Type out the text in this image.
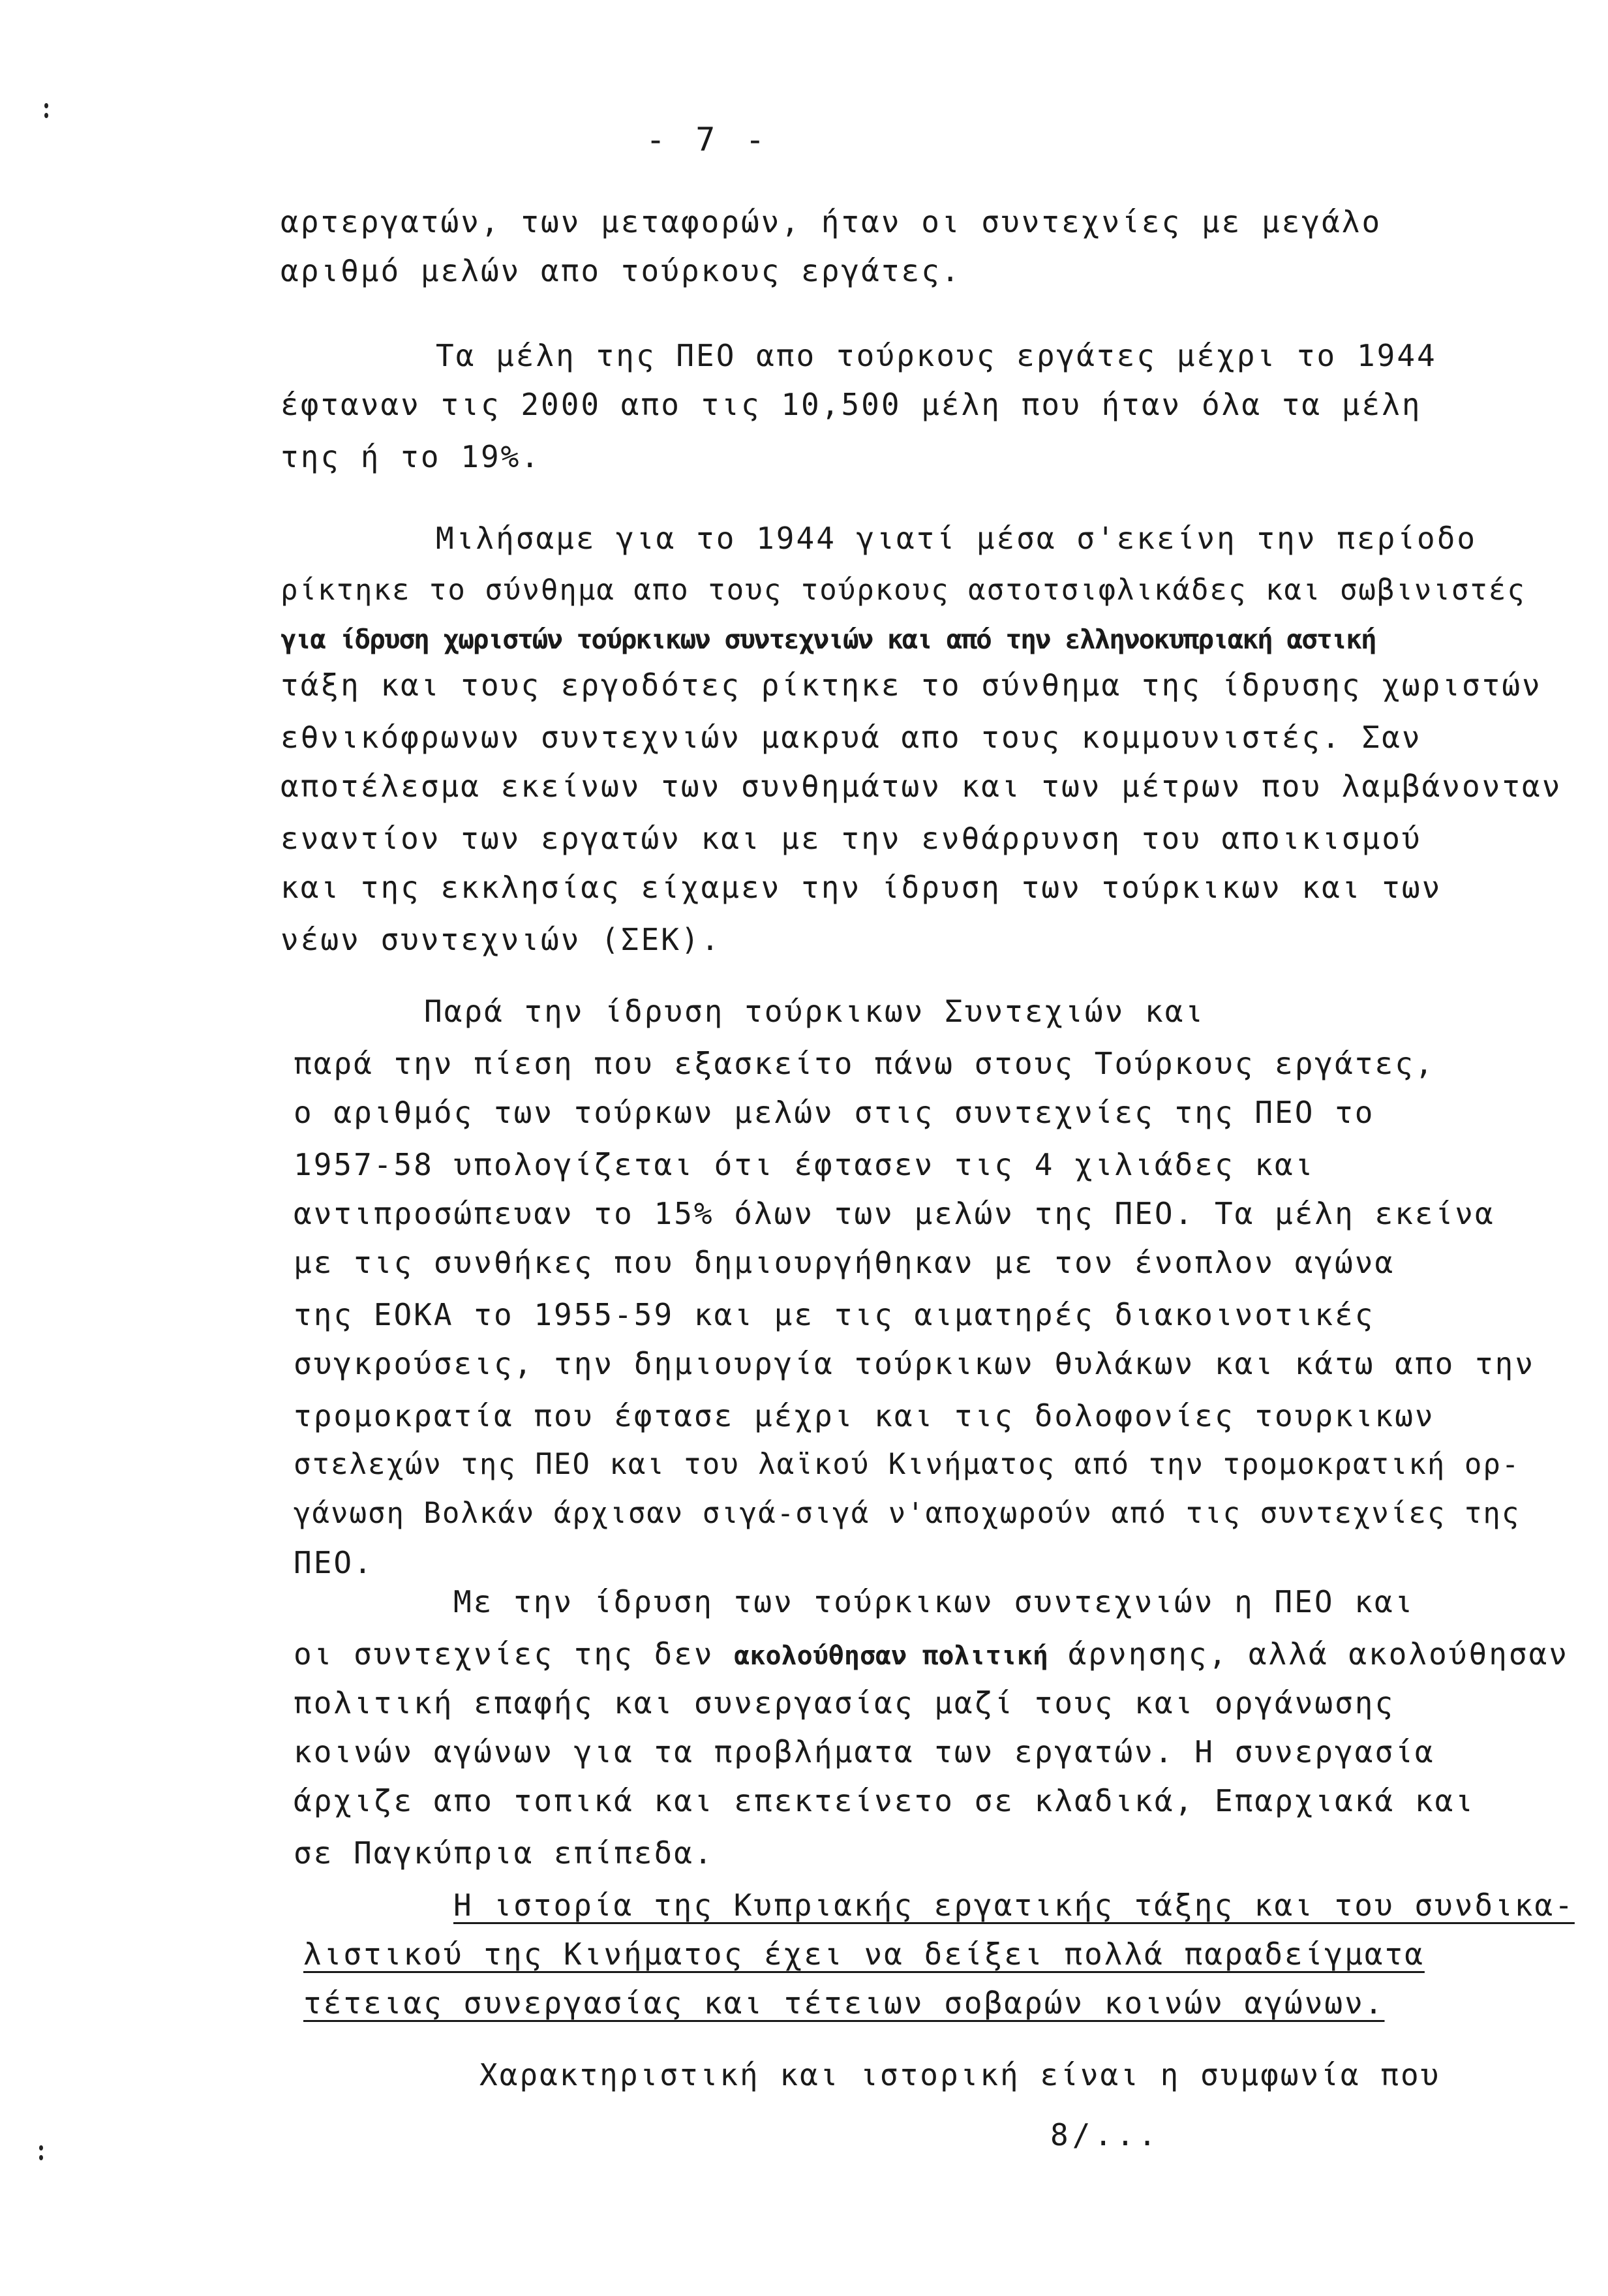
- 7 -
αρτεργατών, των μεταφορών, ήταν οι συντεχνίες με μεγάλο
αριθμό μελών απο τούρκους εργάτες.
Τα μέλη της ΠΕΟ απο τούρκους εργάτες μέχρι το 1944
έφταναν τις 2000 απο τις 10,500 μέλη που ήταν όλα τα μέλη
της ή το 19%.
Μιλήσαμε για το 1944 γιατί μέσα σ'εκείνη την περίοδο
ρίκτηκε το σύνθημα απο τους τούρκους αστοτσιφλικάδες και σωβινιστές
για ίδρυση χωριστών τούρκικων συντεχνιών και από την ελληνοκυπριακή αστική
τάξη και τους εργοδότες ρίκτηκε το σύνθημα της ίδρυσης χωριστών
εθνικόφρωνων συντεχνιών μακρυά απο τους κομμουνιστές. Σαν
αποτέλεσμα εκείνων των συνθημάτων και των μέτρων που λαμβάνονταν
εναντίον των εργατών και με την ενθάρρυνση του αποικισμού
και της εκκλησίας είχαμεν την ίδρυση των τούρκικων και των
νέων συντεχνιών (ΣΕΚ).
Παρά την ίδρυση τούρκικων Συντεχιών και
παρά την πίεση που εξασκείτο πάνω στους Τούρκους εργάτες,
ο αριθμός των τούρκων μελών στις συντεχνίες της ΠΕΟ το
1957-58 υπολογίζεται ότι έφτασεν τις 4 χιλιάδες και
αντιπροσώπευαν το 15% όλων των μελών της ΠΕΟ. Τα μέλη εκείνα
με τις συνθήκες που δημιουργήθηκαν με τον ένοπλον αγώνα
της ΕΟΚΑ το 1955-59 και με τις αιματηρές διακοινοτικές
συγκρούσεις, την δημιουργία τούρκικων θυλάκων και κάτω απο την
τρομοκρατία που έφτασε μέχρι και τις δολοφονίες τουρκικων
στελεχών της ΠΕΟ και του λαϊκού Κινήματος από την τρομοκρατική ορ-
γάνωση Βολκάν άρχισαν σιγά-σιγά ν'αποχωρούν από τις συντεχνίες της
ΠΕΟ.
Με την ίδρυση των τούρκικων συντεχνιών η ΠΕΟ και
οι συντεχνίες της δεν ακολούθησαν πολιτική άρνησης, αλλά ακολούθησαν
πολιτική επαφής και συνεργασίας μαζί τους και οργάνωσης
κοινών αγώνων για τα προβλήματα των εργατών. Η συνεργασία
άρχιζε απο τοπικά και επεκτείνετο σε κλαδικά, Επαρχιακά και
σε Παγκύπρια επίπεδα.
Η ιστορία της Κυπριακής εργατικής τάξης και του συνδικα-
λιστικού της Κινήματος έχει να δείξει πολλά παραδείγματα
τέτειας συνεργασίας και τέτειων σοβαρών κοινών αγώνων.
Χαρακτηριστική και ιστορική είναι η συμφωνία που
8/...
